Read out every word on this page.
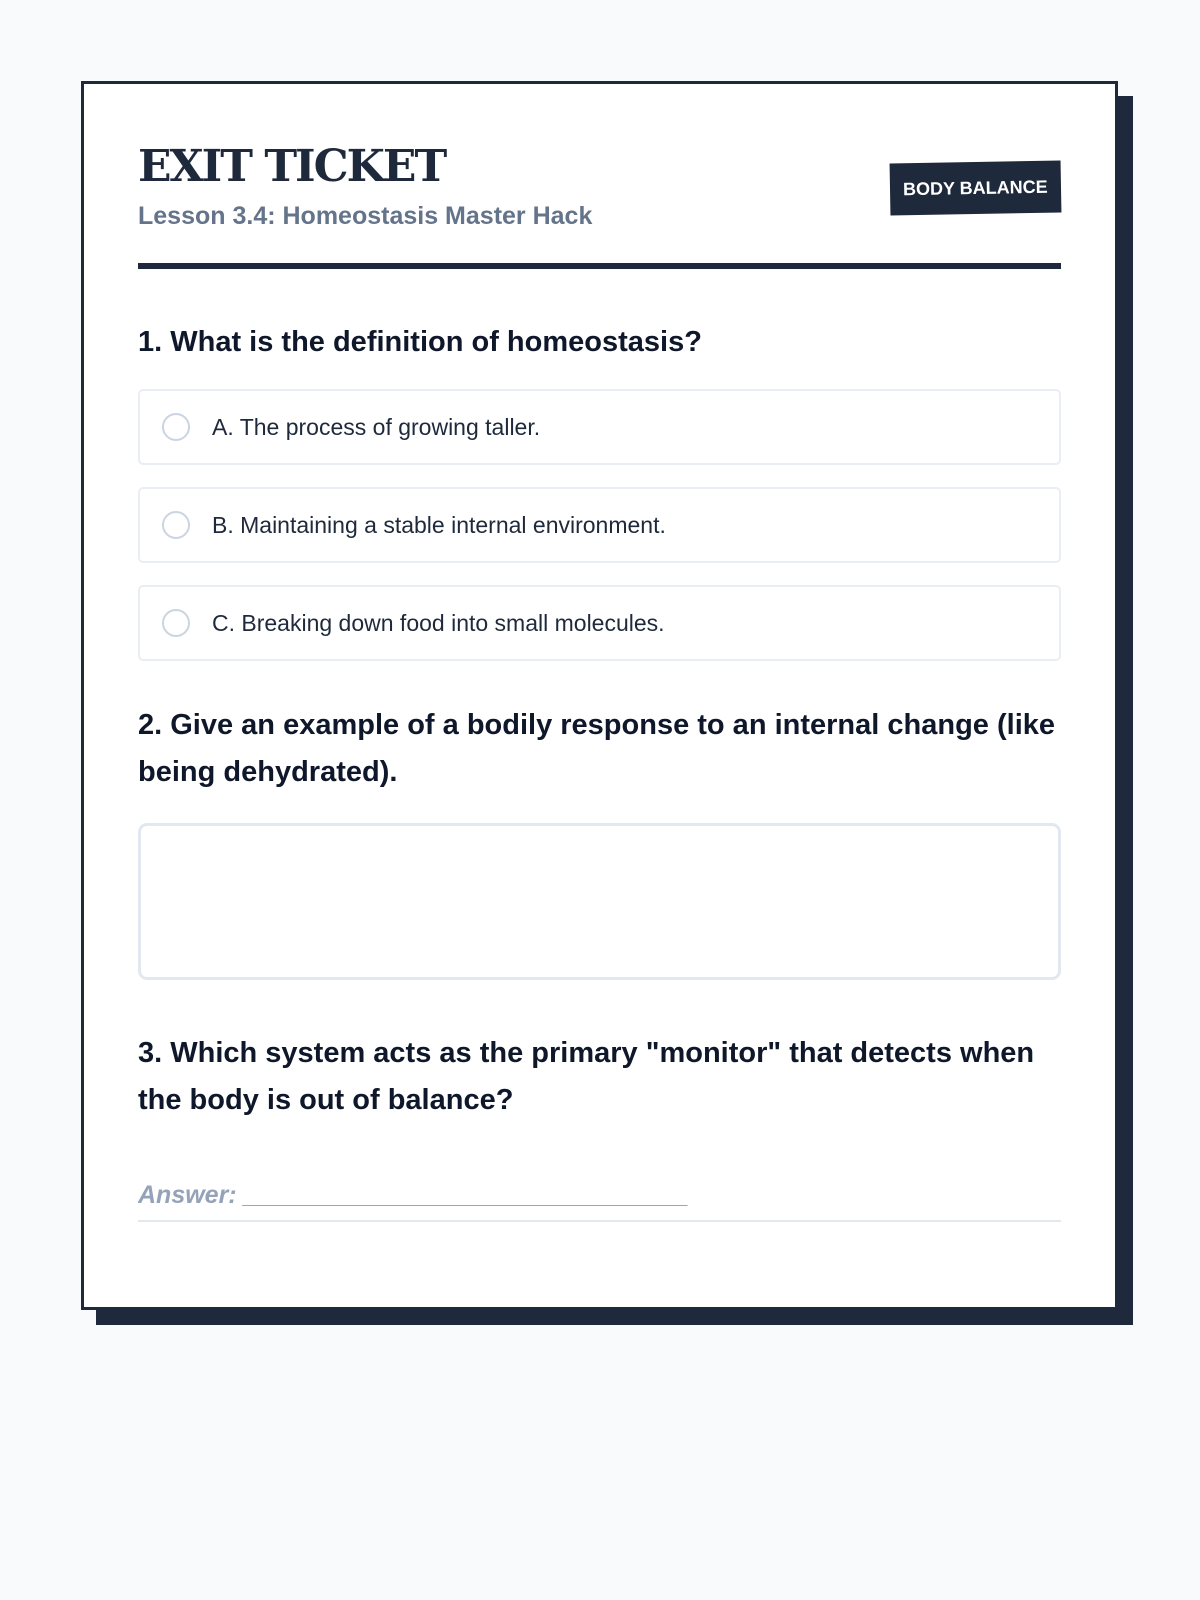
EXIT TICKET

Lesson 3.4: Homeostasis Master Hack

BODY BALANCE

1. What is the definition of homeostasis?

A. The process of growing taller.
B. Maintaining a stable internal environment.
C. Breaking down food into small molecules.

2. Give an example of a bodily response to an internal change (like being dehydrated).

3. Which system acts as the primary "monitor" that detects when the body is out of balance?

Answer: ________________________________
